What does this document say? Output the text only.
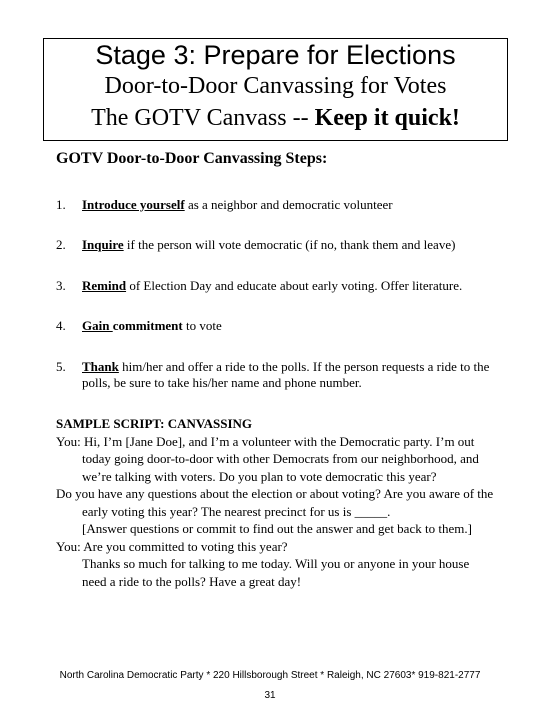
Stage 3: Prepare for Elections
Door-to-Door Canvassing for Votes
The GOTV Canvass -- Keep it quick!
GOTV Door-to-Door Canvassing Steps:
1. Introduce yourself as a neighbor and democratic volunteer
2. Inquire if the person will vote democratic (if no, thank them and leave)
3. Remind of Election Day and educate about early voting. Offer literature.
4. Gain commitment to vote
5. Thank him/her and offer a ride to the polls. If the person requests a ride to the polls, be sure to take his/her name and phone number.
SAMPLE SCRIPT: CANVASSING
You: Hi, I’m [Jane Doe], and I’m a volunteer with the Democratic party. I’m out today going door-to-door with other Democrats from our neighborhood, and we’re talking with voters. Do you plan to vote democratic this year?
Do you have any questions about the election or about voting? Are you aware of the early voting this year? The nearest precinct for us is _____.
[Answer questions or commit to find out the answer and get back to them.]
You: Are you committed to voting this year?
Thanks so much for talking to me today. Will you or anyone in your house need a ride to the polls? Have a great day!
North Carolina Democratic Party * 220 Hillsborough Street * Raleigh, NC 27603* 919-821-2777
31
